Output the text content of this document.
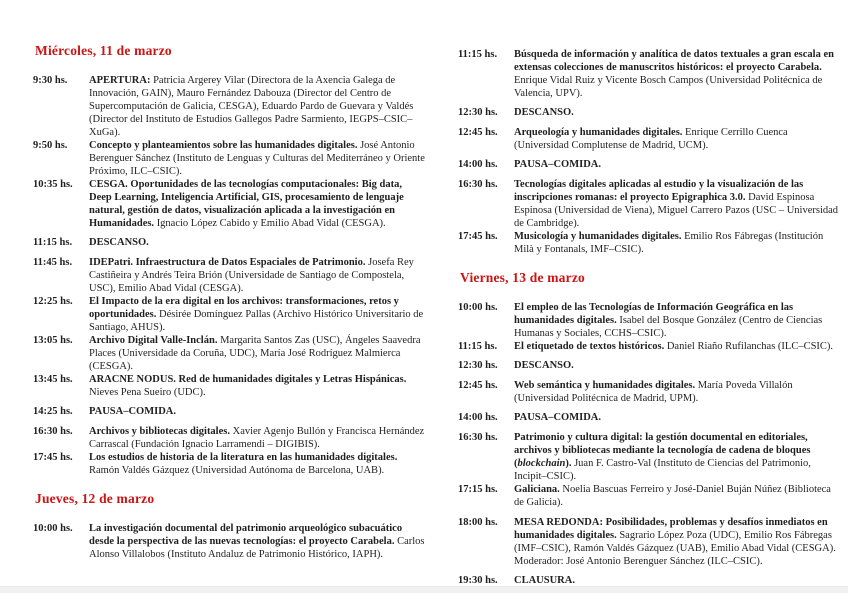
Miércoles, 11 de marzo
9:30 hs.	APERTURA: Patricia Argerey Vilar (Directora de la Axencia Galega de Innovación, GAIN), Mauro Fernández Dabouza (Director del Centro de Supercomputación de Galicia, CESGA), Eduardo Pardo de Guevara y Valdés (Director del Instituto de Estudios Gallegos Padre Sarmiento, IEGPS–CSIC–XuGa).
9:50 hs.	Concepto y planteamientos sobre las humanidades digitales. José Antonio Berenguer Sánchez (Instituto de Lenguas y Culturas del Mediterráneo y Oriente Próximo, ILC–CSIC).
10:35 hs.	CESGA. Oportunidades de las tecnologías computacionales: Big data, Deep Learning, Inteligencia Artificial, GIS, procesamiento de lenguaje natural, gestión de datos, visualización aplicada a la investigación en Humanidades. Ignacio López Cabido y Emilio Abad Vidal (CESGA).
11:15 hs.	DESCANSO.
11:45 hs.	IDEPatri. Infraestructura de Datos Espaciales de Patrimonio. Josefa Rey Castiñeira y Andrés Teira Brión (Universidade de Santiago de Compostela, USC), Emilio Abad Vidal (CESGA).
12:25 hs.	El Impacto de la era digital en los archivos: transformaciones, retos y oportunidades. Désirée Domínguez Pallas (Archivo Histórico Universitario de Santiago, AHUS).
13:05 hs.	Archivo Digital Valle-Inclán. Margarita Santos Zas (USC), Ángeles Saavedra Places (Universidade da Coruña, UDC), María José Rodríguez Malmierca (CESGA).
13:45 hs.	ARACNE NODUS. Red de humanidades digitales y Letras Hispánicas. Nieves Pena Sueiro (UDC).
14:25 hs.	PAUSA–COMIDA.
16:30 hs.	Archivos y bibliotecas digitales. Xavier Agenjo Bullón y Francisca Hernández Carrascal (Fundación Ignacio Larramendi – DIGIBIS).
17:45 hs.	Los estudios de historia de la literatura en las humanidades digitales. Ramón Valdés Gázquez (Universidad Autónoma de Barcelona, UAB).
Jueves, 12 de marzo
10:00 hs.	La investigación documental del patrimonio arqueológico subacuático desde la perspectiva de las nuevas tecnologías: el proyecto Carabela. Carlos Alonso Villalobos (Instituto Andaluz de Patrimonio Histórico, IAPH).
11:15 hs.	Búsqueda de información y analítica de datos textuales a gran escala en extensas colecciones de manuscritos históricos: el proyecto Carabela. Enrique Vidal Ruiz y Vicente Bosch Campos (Universidad Politécnica de Valencia, UPV).
12:30 hs.	DESCANSO.
12:45 hs.	Arqueología y humanidades digitales. Enrique Cerrillo Cuenca (Universidad Complutense de Madrid, UCM).
14:00 hs.	PAUSA–COMIDA.
16:30 hs.	Tecnologías digitales aplicadas al estudio y la visualización de las inscripciones romanas: el proyecto Epigraphica 3.0. David Espinosa Espinosa (Universidad de Viena), Miguel Carrero Pazos (USC – Universidad de Cambridge).
17:45 hs.	Musicología y humanidades digitales. Emilio Ros Fábregas (Institución Milà y Fontanals, IMF–CSIC).
Viernes, 13 de marzo
10:00 hs.	El empleo de las Tecnologías de Información Geográfica en las humanidades digitales. Isabel del Bosque González (Centro de Ciencias Humanas y Sociales, CCHS–CSIC).
11:15 hs.	El etiquetado de textos históricos. Daniel Riaño Rufilanchas (ILC–CSIC).
12:30 hs.	DESCANSO.
12:45 hs.	Web semántica y humanidades digitales. María Poveda Villalón (Universidad Politécnica de Madrid, UPM).
14:00 hs.	PAUSA–COMIDA.
16:30 hs.	Patrimonio y cultura digital: la gestión documental en editoriales, archivos y bibliotecas mediante la tecnología de cadena de bloques (blockchain). Juan F. Castro-Val (Instituto de Ciencias del Patrimonio, Incipit–CSIC).
17:15 hs.	Galiciana. Noelia Bascuas Ferreiro y José-Daniel Buján Núñez (Biblioteca de Galicia).
18:00 hs.	MESA REDONDA: Posibilidades, problemas y desafíos inmediatos en humanidades digitales. Sagrario López Poza (UDC), Emilio Ros Fábregas (IMF–CSIC), Ramón Valdés Gázquez (UAB), Emilio Abad Vidal (CESGA). Moderador: José Antonio Berenguer Sánchez (ILC–CSIC).
19:30 hs.	CLAUSURA.
